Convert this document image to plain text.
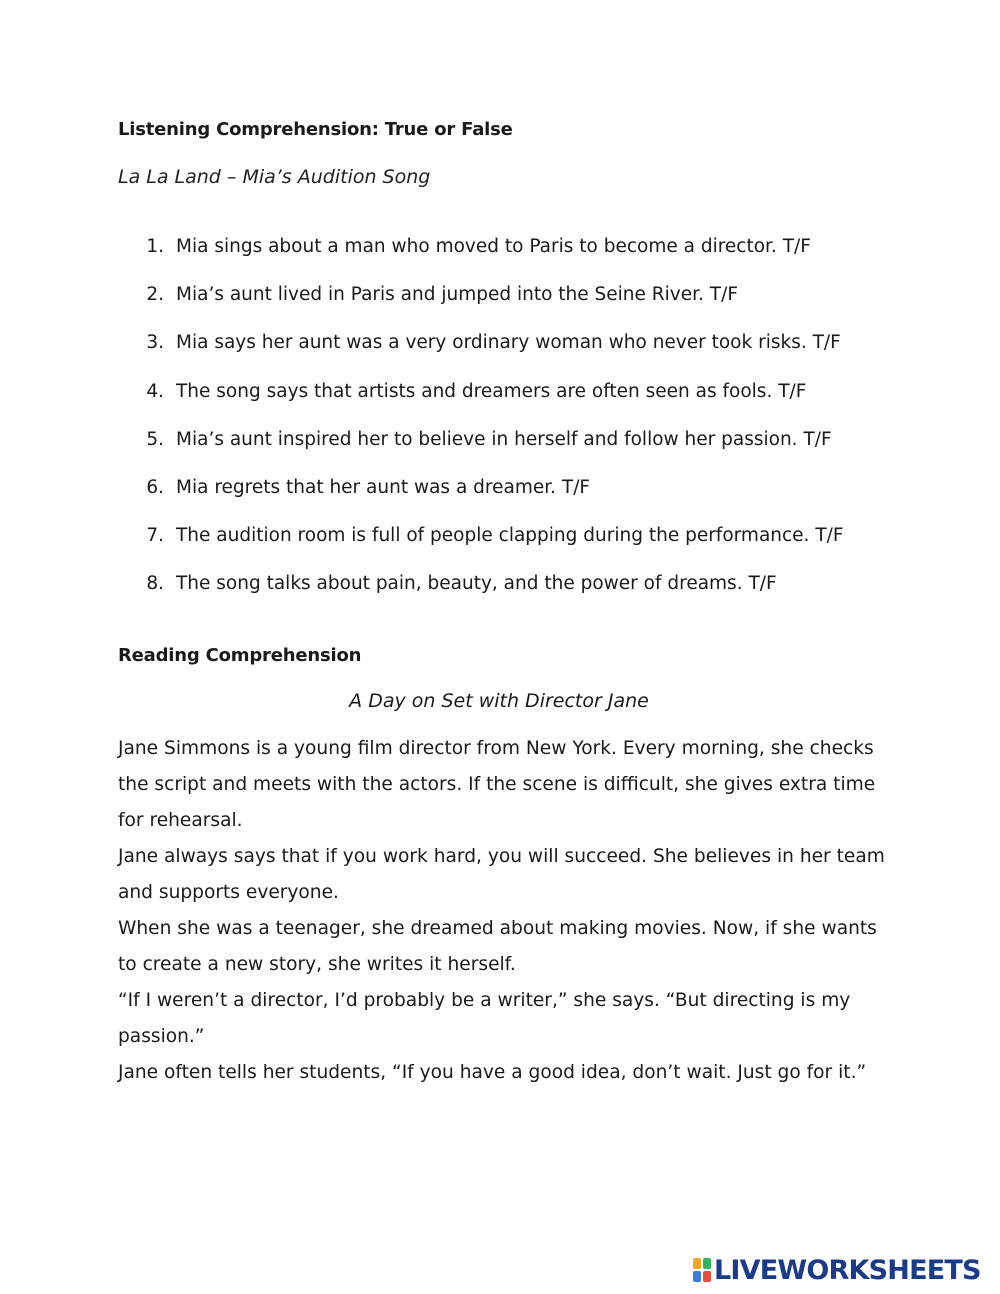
Listening Comprehension: True or False
La La Land – Mia’s Audition Song
1. Mia sings about a man who moved to Paris to become a director. T/F
2. Mia’s aunt lived in Paris and jumped into the Seine River. T/F
3. Mia says her aunt was a very ordinary woman who never took risks. T/F
4. The song says that artists and dreamers are often seen as fools. T/F
5. Mia’s aunt inspired her to believe in herself and follow her passion. T/F
6. Mia regrets that her aunt was a dreamer. T/F
7. The audition room is full of people clapping during the performance. T/F
8. The song talks about pain, beauty, and the power of dreams. T/F
Reading Comprehension
A Day on Set with Director Jane

Jane Simmons is a young film director from New York. Every morning, she checks the script and meets with the actors. If the scene is difficult, she gives extra time for rehearsal.

Jane always says that if you work hard, you will succeed. She believes in her team and supports everyone.

When she was a teenager, she dreamed about making movies. Now, if she wants to create a new story, she writes it herself.

“If I weren’t a director, I’d probably be a writer,” she says. “But directing is my passion.”

Jane often tells her students, “If you have a good idea, don’t wait. Just go for it.”

LIVEWORKSHEETS
